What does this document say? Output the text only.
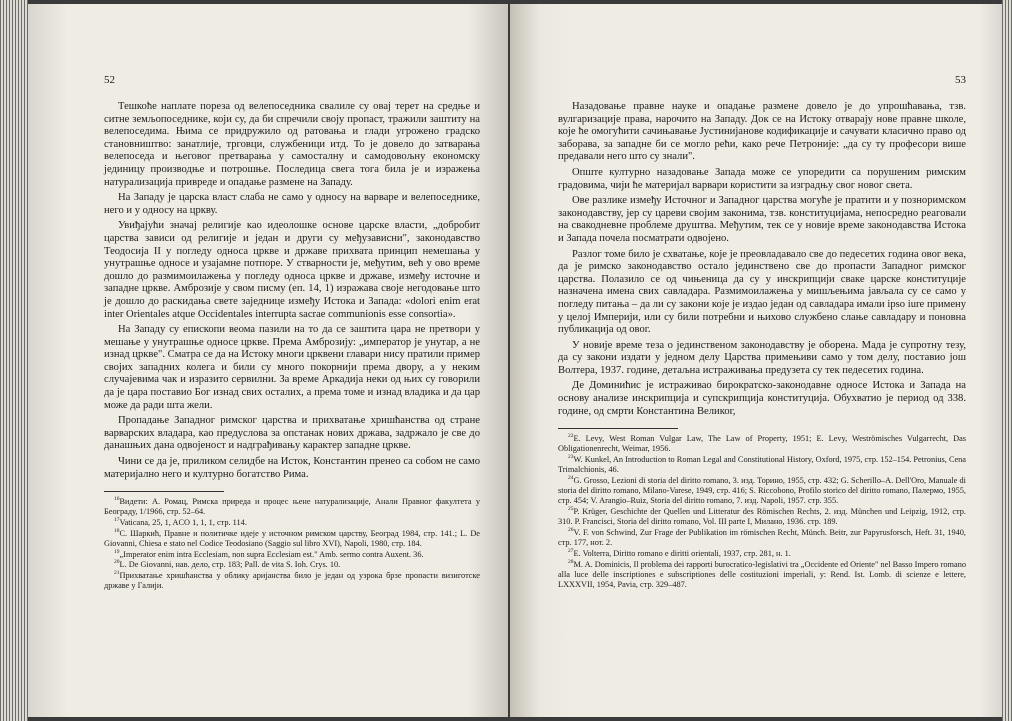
52

Тешкоће наплате пореза од велепоседника свалиле су овај терет на средње и ситне земљопоседнике, који су, да би спречили своју пропаст, тражили заштиту на велепоседима. Њима се придружило од ратовања и глади угрожено градско становништво: занатлије, трговци, службеници итд. То је довело до затварања велепоседа и његовог претварања у самосталну и самодовољну економску јединицу производње и потрошње. Последица свега тога била је и изражења натурализација привреде и опадање размене на Западу.

На Западу је царска власт слаба не само у односу на варваре и велепоседнике, него и у односу на цркву.

Увиђајући значај религије као идеолошке основе царске власти, „добробит царства зависи од религије и један и други су међузависни", законодавство Теодосија II у погледу односа цркве и државе прихвата принцип немешања у унутрашње односе и узајамне потпоре. У стварности је, међутим, већ у ово време дошло до размимоилажења у погледу односа цркве и државе, између источне и западне цркве. Амброзије у свом писму (еп. 14, 1) изражава своје негодовање што је дошло до раскидања свете заједнице између Истока и Запада: «dolori enim erat inter Orientales atque Occidentales interrupta sacrae communionis esse consortia».

На Западу су епископи веома пазили на то да се заштита цара не претвори у мешање у унутрашње односе цркве. Према Амброзију: „император је унутар, а не изнад цркве". Сматра се да на Истоку многи црквени главари нису пратили пример својих западних колега и били су много покорнији према двору, а у неким случајевима чак и изразито сервилни. За време Аркадија неки од њих су говорили да је цара поставио Бог изнад свих осталих, а према томе и изнад владика и да цар може да ради шта жели.

Пропадање Западног римског царства и прихватање хришћанства од стране варварских владара, као предуслова за опстанак нових држава, задржало је све до данашњих дана одвојеност и надграђивању карактер западне цркве.

Чини се да је, приликом селидбе на Исток, Константин пренео са собом не само материјално него и културно богатство Рима.

$^{16}$Видети: А. Ромац, Римска приреда и процес њене натурализације, Анали Правног факултета у Београду, 1/1966, стр. 52–64.
$^{17}$Vaticana, 25, 1, ACO 1, 1, 1, стр. 114.
$^{18}$С. Шаркић, Правне и политичке идеје у источном римском царству, Београд 1984, стр. 141.; L. De Giovanni, Chiesa e stato nel Codice Teodosiano (Saggio sul libro XVI), Napoli, 1980, стр. 184.
$^{19}$„Imperator enim intra Ecclesiam, non supra Ecclesiam est." Amb. sermo contra Auxent. 36.
$^{20}$L. De Giovanni, нав. дело, стр. 183; Pall. de vita S. Ioh. Crys. 10.
$^{21}$Прихватање хришћанства у облику аријанства било је један од узрока брзе пропасти визиготске државе у Галији.
53

Назадовање правне науке и опадање размене довело је до упрошћавања, тзв. вулгаризације права, нарочито на Западу. Док се на Истоку отварају нове правне школе, које ће омогућити сачињавање Јустинијанове кодификације и сачувати класично право од заборава, за западне би се могло рећи, како рече Петроније: „да су ту професори више предавали него што су знали".

Опште културно назадовање Запада може се упоредити са порушеним римским градовима, чији ће материјал варвари користити за изградњу свог новог света.

Ове разлике између Источног и Западног царства могуће је пратити и у позноримском законодавству, јер су цареви својим законима, тзв. конституцијама, непосредно реаговали на свакодневне проблеме друштва. Међутим, тек се у новије време законодавства Истока и Запада почела посматрати одвојено.

Разлог томе било је схватање, које је преовладавало све до педесетих година овог века, да је римско законодавство остало јединствено све до пропасти Западног римског царства. Полазило се од чињеница да су у инскрипцији сваке царске конституције назначена имена свих савладара. Размимоилажења у мишљењима јављала су се само у погледу питања – да ли су закони које је издао један од савладара имали ipso iure примену у целој Империји, или су били потребни и њихово службено слање савладару и поновна публикација од овог.

У новије време теза о јединственом законодавству је оборена. Мада је супротну тезу, да су закони издати у једном делу Царства примењиви само у том делу, поставио још Волтера, 1937. године, детаљна истраживања предузета су тек педесетих година.

Де Доминићис је истраживао бирократско-законодавне односе Истока и Запада на основу анализе инскрипција и супскрипција конституција. Обухватио је период од 338. године, од смрти Константина Великог,

$^{22}$E. Levy, West Roman Vulgar Law, The Law of Property, 1951; E. Levy, Weströmisches Vulgarrecht, Das Obligationenrecht, Weimar, 1956.
$^{23}$W. Kunkel, An Introduction to Roman Legal and Constitutional History, Oxford, 1975, стр. 152–154. Petronius, Cena Trimalchionis, 46.
$^{24}$G. Grosso, Lezioni di storia del diritto romano, 3. изд. Торино, 1955, стр. 432; G. Scherillo–A. Dell'Oro, Manuale di storia del diritto romano, Milano-Varese, 1949, стр. 416; S. Riccobono, Profilo storico del diritto romano, Палермо, 1955, стр. 454; V. Arangio–Ruiz, Storia del diritto romano, 7. изд. Napoli, 1957. стр. 355.
$^{25}$P. Krüger, Geschichte der Quellen und Litteratur des Römischen Rechts, 2. изд. München und Leipzig, 1912, стр. 310. P. Francisci, Storia del diritto romano, Vol. III parte I, Милано, 1936. стр. 189.
$^{26}$V. F. von Schwind, Zur Frage der Publikation im römischen Recht, Münch. Beitr, zur Papyrusforsch, Heft. 31, 1940, стр. 177, нот. 2.
$^{27}$E. Volterra, Diritto romano e diritti orientali, 1937, стр. 281, н. 1.
$^{28}$M. A. Dominicis, Il problema dei rapporti burocratico-legislativi tra „Occidente ed Oriente" nel Basso Impero romano alla luce delle inscriptiones e subscriptiones delle costituzioni imperiali, у: Rend. Ist. Lomb. di scienze e lettere, LXXXVII, 1954, Pavia, стр. 329–487.
